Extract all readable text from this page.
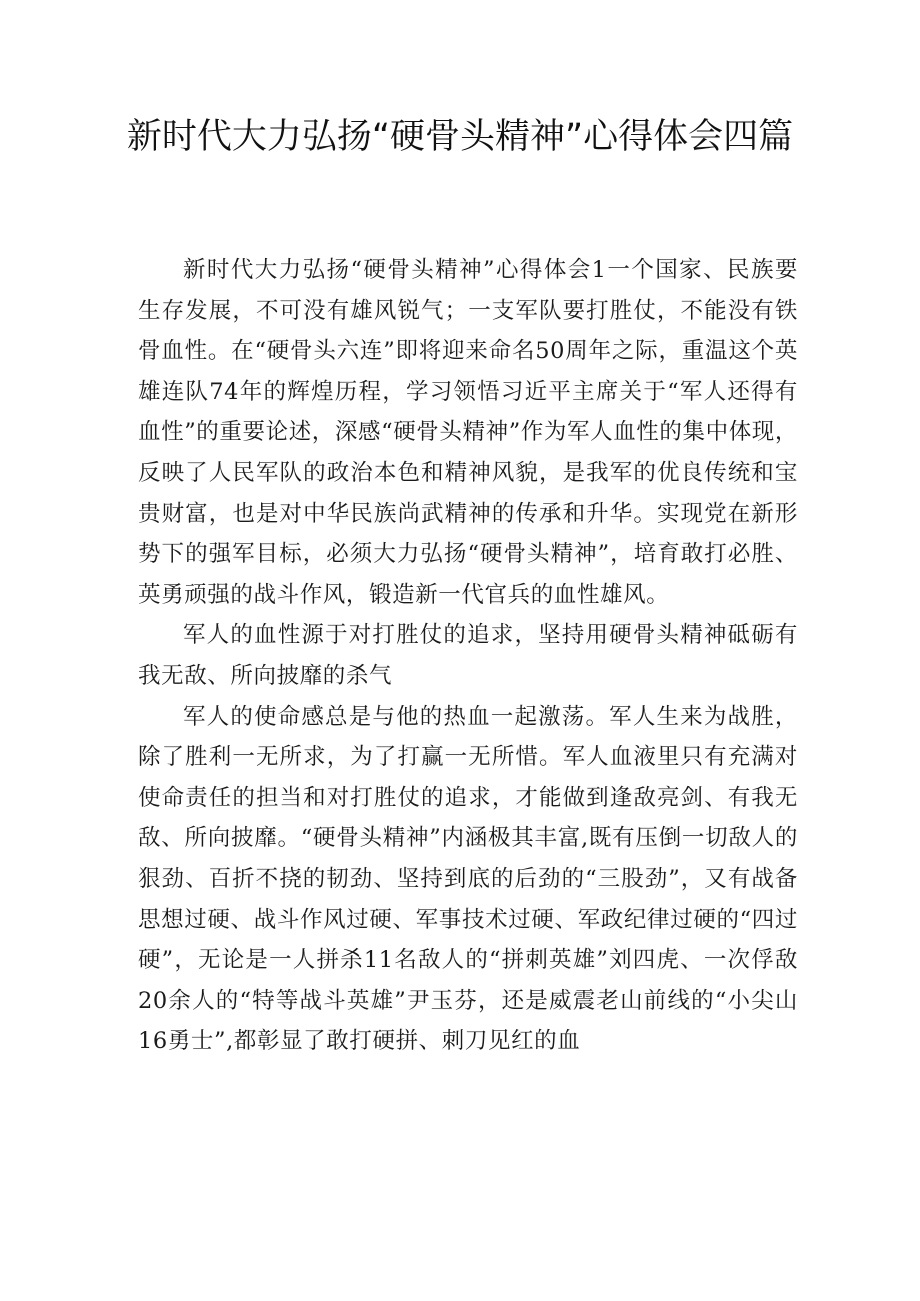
新时代大力弘扬“硬骨头精神”心得体会四篇

新时代大力弘扬“硬骨头精神”心得体会1一个国家、民族要生存发展，不可没有雄风锐气；一支军队要打胜仗，不能没有铁骨血性。在“硬骨头六连”即将迎来命名50周年之际，重温这个英雄连队74年的辉煌历程，学习领悟习近平主席关于“军人还得有血性”的重要论述，深感“硬骨头精神”作为军人血性的集中体现，反映了人民军队的政治本色和精神风貌，是我军的优良传统和宝贵财富，也是对中华民族尚武精神的传承和升华。实现党在新形势下的强军目标，必须大力弘扬“硬骨头精神”，培育敢打必胜、英勇顽强的战斗作风，锻造新一代官兵的血性雄风。

军人的血性源于对打胜仗的追求，坚持用硬骨头精神砥砺有我无敌、所向披靡的杀气

军人的使命感总是与他的热血一起激荡。军人生来为战胜，除了胜利一无所求，为了打赢一无所惜。军人血液里只有充满对使命责任的担当和对打胜仗的追求，才能做到逢敌亮剑、有我无敌、所向披靡。“硬骨头精神”内涵极其丰富,既有压倒一切敌人的狠劲、百折不挠的韧劲、坚持到底的后劲的“三股劲”，又有战备思想过硬、战斗作风过硬、军事技术过硬、军政纪律过硬的“四过硬”，无论是一人拼杀11名敌人的“拼刺英雄”刘四虎、一次俘敌20余人的“特等战斗英雄”尹玉芬，还是威震老山前线的“小尖山16勇士”,都彰显了敢打硬拼、刺刀见红的血
